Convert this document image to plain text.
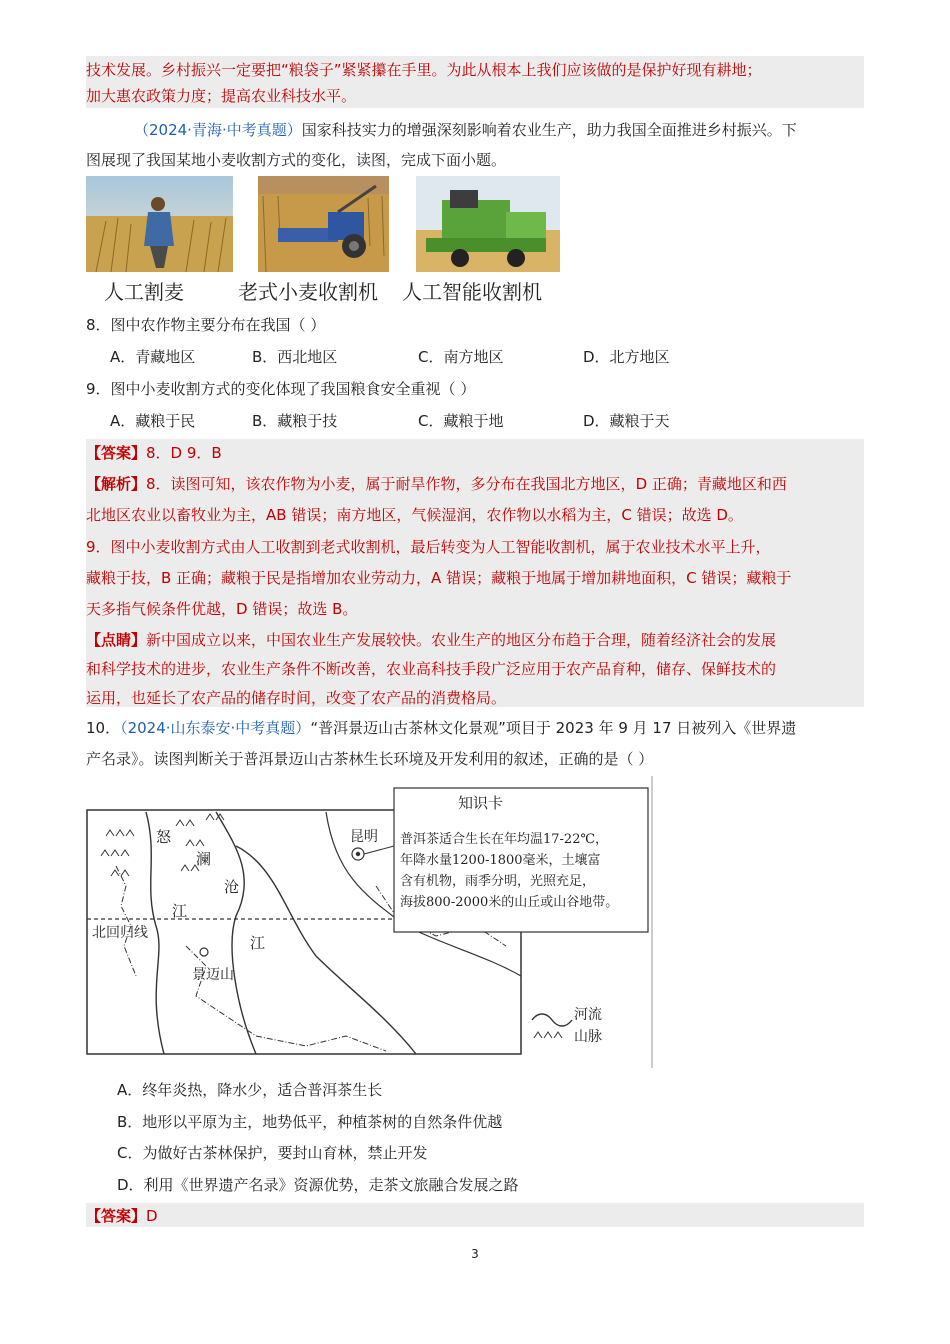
技术发展。乡村振兴一定要把“粮袋子”紧紧攥在手里。为此从根本上我们应该做的是保护好现有耕地；
加大惠农政策力度；提高农业科技水平。
（2024·青海·中考真题）国家科技实力的增强深刻影响着农业生产，助力我国全面推进乡村振兴。下
图展现了我国某地小麦收割方式的变化，读图，完成下面小题。
人工割麦	老式小麦收割机 人工智能收割机
8．图中农作物主要分布在我国（ ）
A．青藏地区	B．西北地区	C．南方地区	D．北方地区
9．图中小麦收割方式的变化体现了我国粮食安全重视（ ）
A．藏粮于民	B．藏粮于技	C．藏粮于地	D．藏粮于天
【答案】8．D 9．B
【解析】8．读图可知，该农作物为小麦，属于耐旱作物，多分布在我国北方地区，D 正确；青藏地区和西
北地区农业以畜牧业为主，AB 错误；南方地区，气候湿润，农作物以水稻为主，C 错误；故选 D。
9．图中小麦收割方式由人工收割到老式收割机，最后转变为人工智能收割机，属于农业技术水平上升，
藏粮于技，B 正确；藏粮于民是指增加农业劳动力，A 错误；藏粮于地属于增加耕地面积，C 错误；藏粮于
天多指气候条件优越，D 错误；故选 B。
【点睛】新中国成立以来，中国农业生产发展较快。农业生产的地区分布趋于合理，随着经济社会的发展
和科学技术的进步，农业生产条件不断改善，农业高科技手段广泛应用于农产品育种，储存、保鲜技术的
运用，也延长了农产品的储存时间，改变了农产品的消费格局。
10．（2024·山东泰安·中考真题）“普洱景迈山古茶林文化景观”项目于 2023 年 9 月 17 日被列入《世界遗
产名录》。读图判断关于普洱景迈山古茶林生长环境及开发利用的叙述，正确的是（ ）
知识卡
普洱茶适合生长在年均温17-22℃，
年降水量1200-1800毫米，土壤富
含有机物，雨季分明，光照充足，
海拔800-2000米的山丘或山谷地带。
昆明
北回归线
景迈山
怒
澜
沧
江
江
河流
山脉
A．终年炎热，降水少，适合普洱茶生长
B．地形以平原为主，地势低平，种植茶树的自然条件优越
C．为做好古茶林保护，要封山育林，禁止开发
D．利用《世界遗产名录》资源优势，走茶文旅融合发展之路
【答案】D
3
